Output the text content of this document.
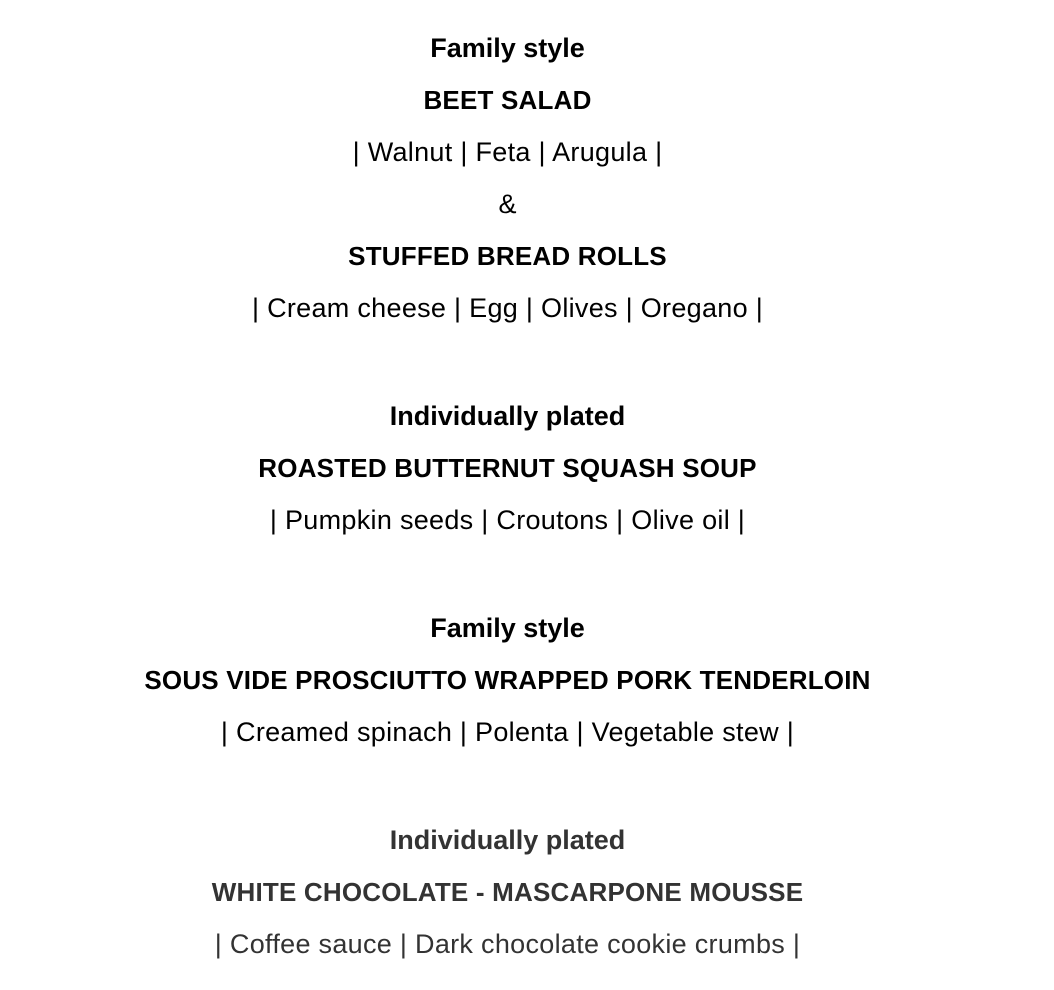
Family style
BEET SALAD
| Walnut | Feta | Arugula |
&
STUFFED BREAD ROLLS
| Cream cheese | Egg | Olives | Oregano |
Individually plated
ROASTED BUTTERNUT SQUASH SOUP
| Pumpkin seeds | Croutons | Olive oil |
Family style
SOUS VIDE PROSCIUTTO WRAPPED PORK TENDERLOIN
| Creamed spinach | Polenta | Vegetable stew |
Individually plated
WHITE CHOCOLATE - MASCARPONE MOUSSE
| Coffee sauce | Dark chocolate cookie crumbs |
